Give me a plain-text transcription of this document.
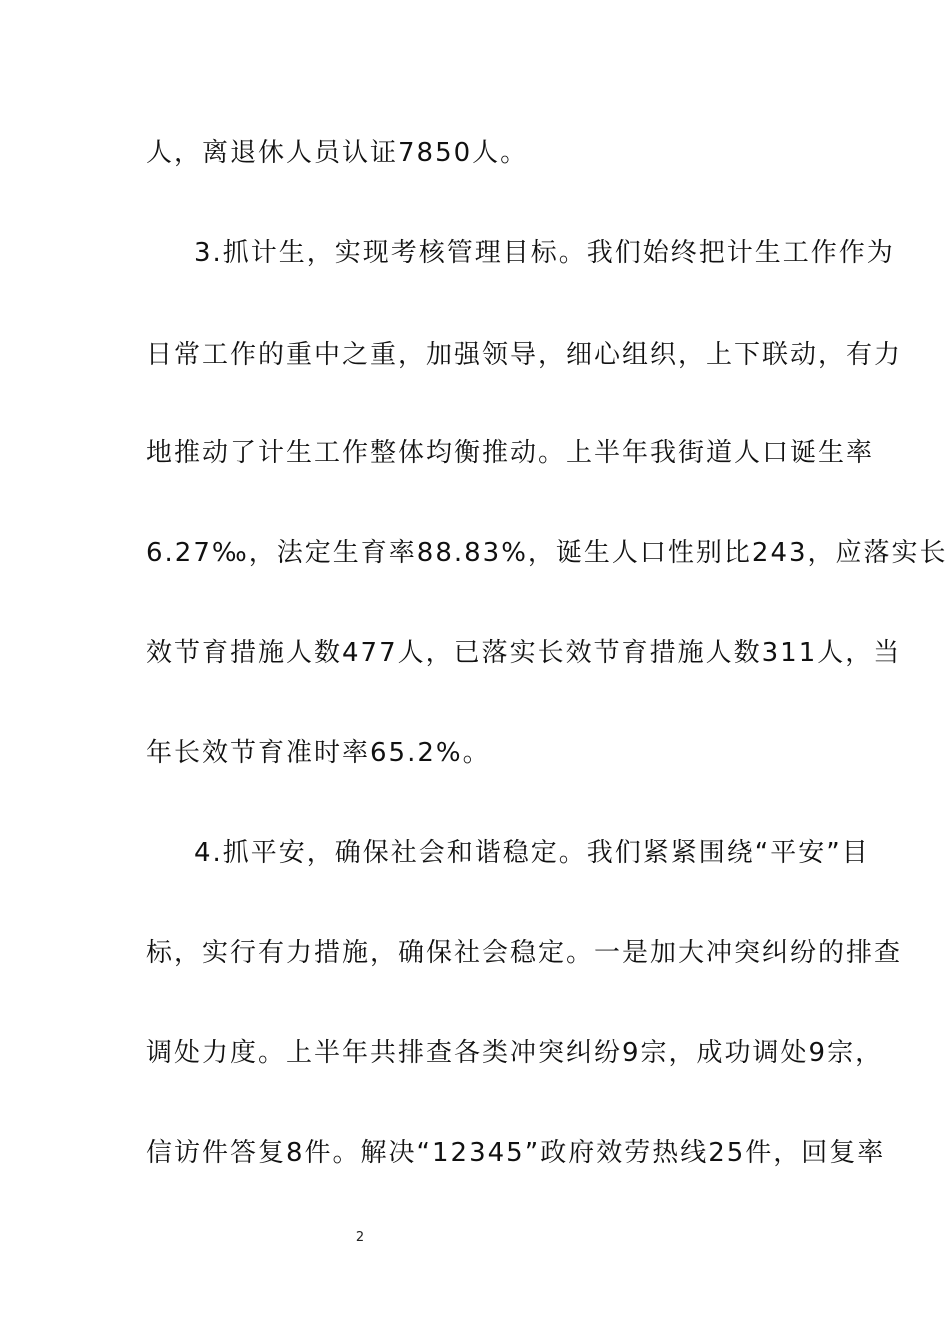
人，离退休人员认证7850人。
3.抓计生，实现考核管理目标。我们始终把计生工作作为
日常工作的重中之重，加强领导，细心组织，上下联动，有力
地推动了计生工作整体均衡推动。上半年我街道人口诞生率
6.27‰，法定生育率88.83%，诞生人口性别比243，应落实长
效节育措施人数477人，已落实长效节育措施人数311人，当
年长效节育准时率65.2%。
4.抓平安，确保社会和谐稳定。我们紧紧围绕“平安”目
标，实行有力措施，确保社会稳定。一是加大冲突纠纷的排查
调处力度。上半年共排查各类冲突纠纷9宗，成功调处9宗，
信访件答复8件。解决“12345”政府效劳热线25件，回复率
2
